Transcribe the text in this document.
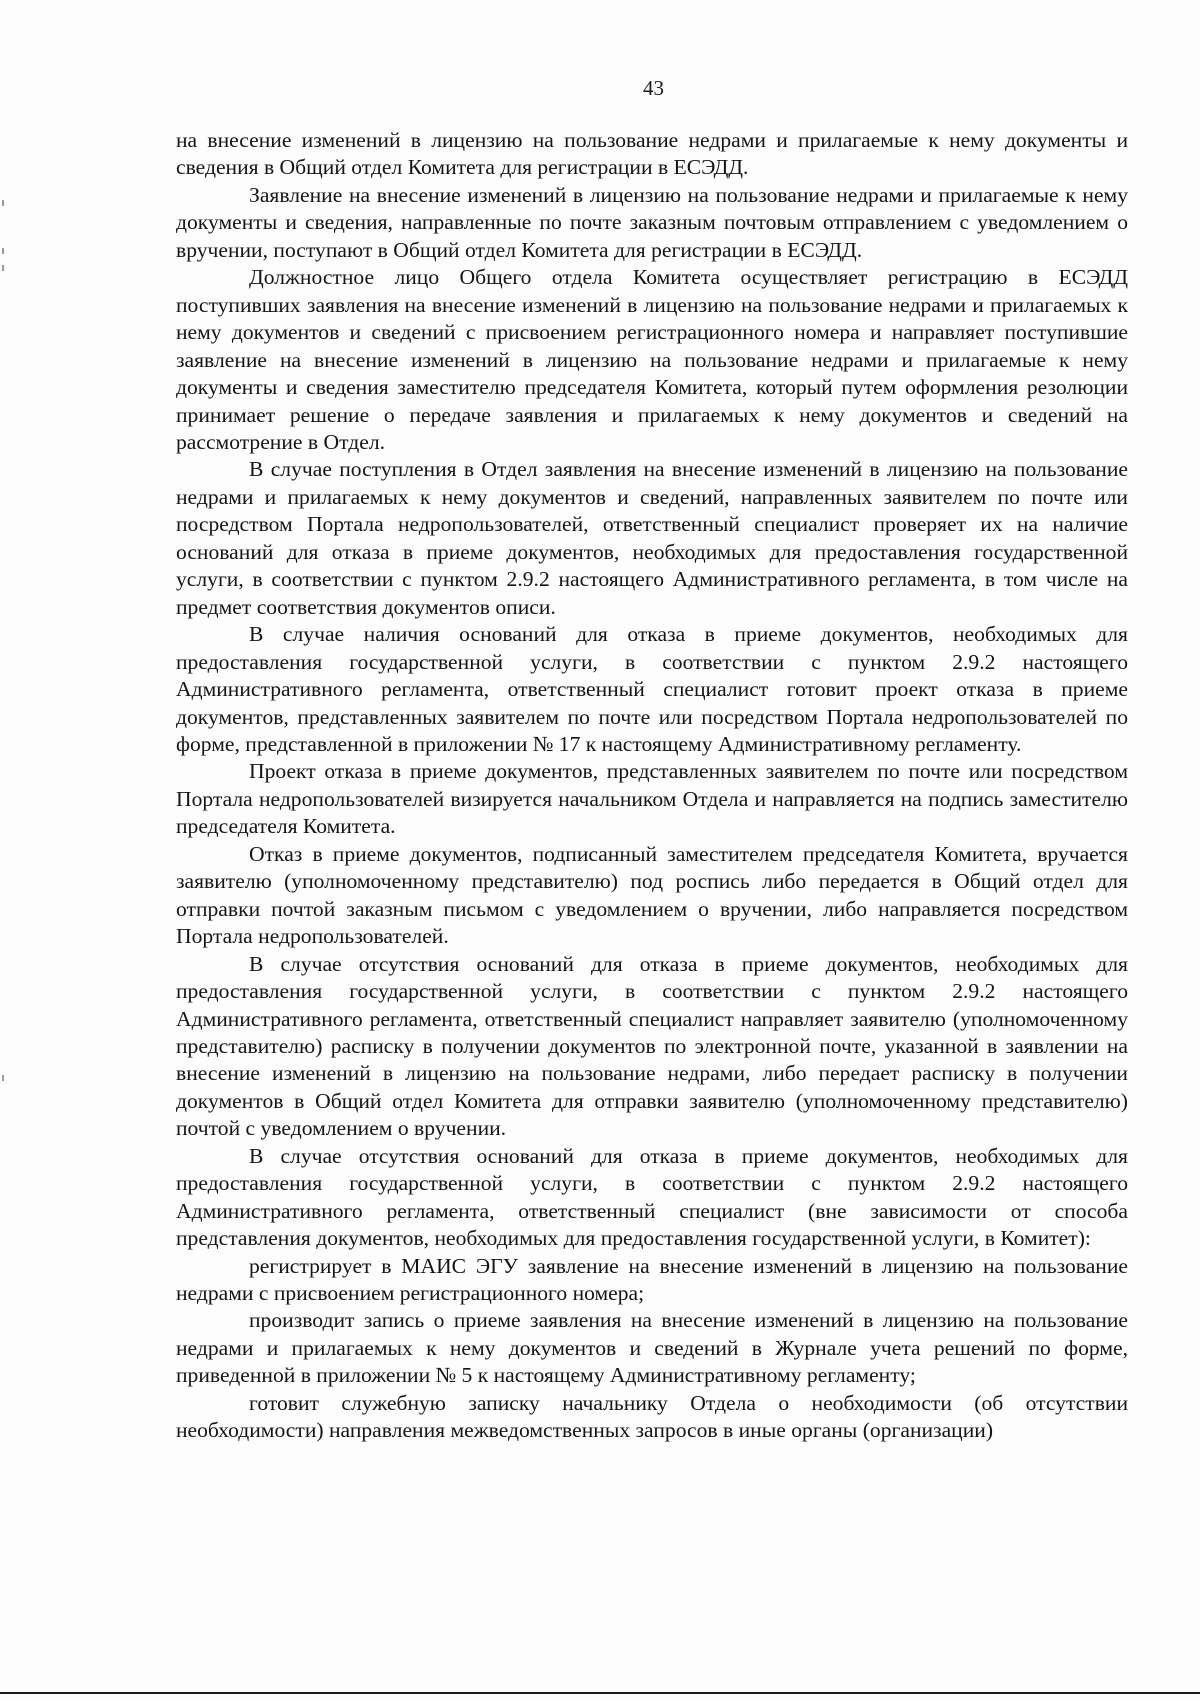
43

на внесение изменений в лицензию на пользование недрами и прилагаемые к нему документы и сведения в Общий отдел Комитета для регистрации в ЕСЭДД.

Заявление на внесение изменений в лицензию на пользование недрами и прилагаемые к нему документы и сведения, направленные по почте заказным почтовым отправлением с уведомлением о вручении, поступают в Общий отдел Комитета для регистрации в ЕСЭДД.

Должностное лицо Общего отдела Комитета осуществляет регистрацию в ЕСЭДД поступивших заявления на внесение изменений в лицензию на пользование недрами и прилагаемых к нему документов и сведений с присвоением регистрационного номера и направляет поступившие заявление на внесение изменений в лицензию на пользование недрами и прилагаемые к нему документы и сведения заместителю председателя Комитета, который путем оформления резолюции принимает решение о передаче заявления и прилагаемых к нему документов и сведений на рассмотрение в Отдел.

В случае поступления в Отдел заявления на внесение изменений в лицензию на пользование недрами и прилагаемых к нему документов и сведений, направленных заявителем по почте или посредством Портала недропользователей, ответственный специалист проверяет их на наличие оснований для отказа в приеме документов, необходимых для предоставления государственной услуги, в соответствии с пунктом 2.9.2 настоящего Административного регламента, в том числе на предмет соответствия документов описи.

В случае наличия оснований для отказа в приеме документов, необходимых для предоставления государственной услуги, в соответствии с пунктом 2.9.2 настоящего Административного регламента, ответственный специалист готовит проект отказа в приеме документов, представленных заявителем по почте или посредством Портала недропользователей по форме, представленной в приложении № 17 к настоящему Административному регламенту.

Проект отказа в приеме документов, представленных заявителем по почте или посредством Портала недропользователей визируется начальником Отдела и направляется на подпись заместителю председателя Комитета.

Отказ в приеме документов, подписанный заместителем председателя Комитета, вручается заявителю (уполномоченному представителю) под роспись либо передается в Общий отдел для отправки почтой заказным письмом с уведомлением о вручении, либо направляется посредством Портала недропользователей.

В случае отсутствия оснований для отказа в приеме документов, необходимых для предоставления государственной услуги, в соответствии с пунктом 2.9.2 настоящего Административного регламента, ответственный специалист направляет заявителю (уполномоченному представителю) расписку в получении документов по электронной почте, указанной в заявлении на внесение изменений в лицензию на пользование недрами, либо передает расписку в получении документов в Общий отдел Комитета для отправки заявителю (уполномоченному представителю) почтой с уведомлением о вручении.

В случае отсутствия оснований для отказа в приеме документов, необходимых для предоставления государственной услуги, в соответствии с пунктом 2.9.2 настоящего Административного регламента, ответственный специалист (вне зависимости от способа представления документов, необходимых для предоставления государственной услуги, в Комитет):

регистрирует в МАИС ЭГУ заявление на внесение изменений в лицензию на пользование недрами с присвоением регистрационного номера;

производит запись о приеме заявления на внесение изменений в лицензию на пользование недрами и прилагаемых к нему документов и сведений в Журнале учета решений по форме, приведенной в приложении № 5 к настоящему Административному регламенту;

готовит служебную записку начальнику Отдела о необходимости (об отсутствии необходимости) направления межведомственных запросов в иные органы (организации)
